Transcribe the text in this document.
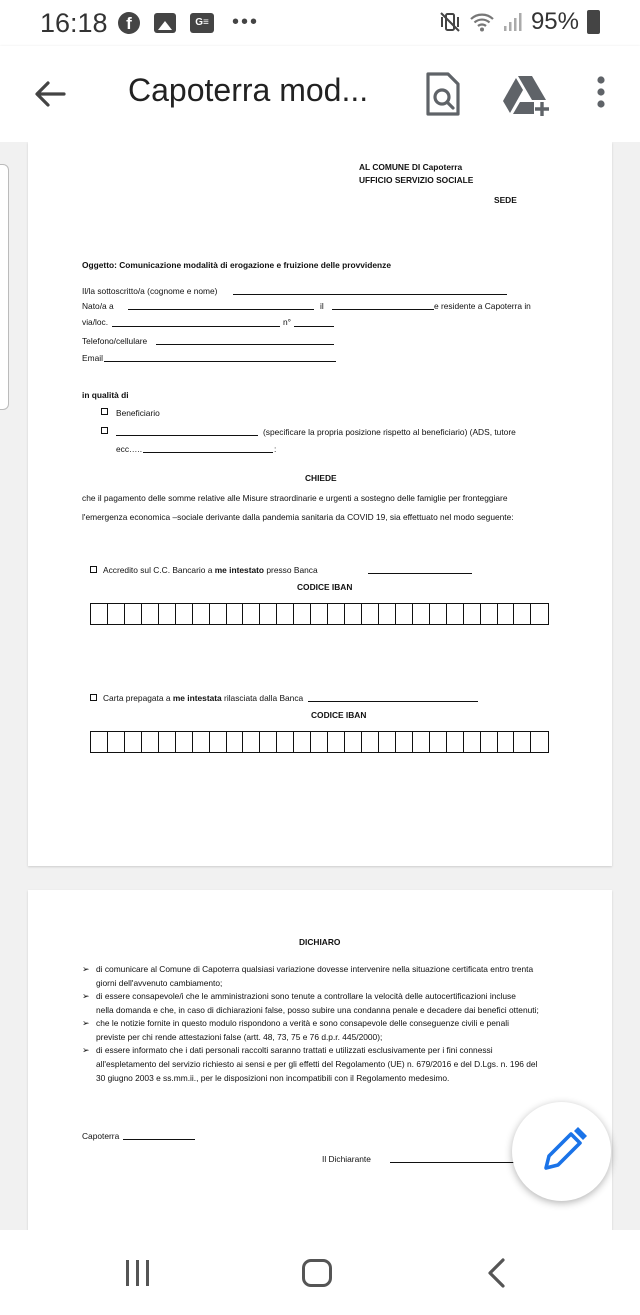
16:18	f	G≡ •••	95%
Capoterra mod...
AL COMUNE DI Capoterra
UFFICIO SERVIZIO SOCIALE
SEDE
Oggetto: Comunicazione modalità di erogazione e fruizione delle provvidenze
Il/la sottoscritto/a (cognome e nome)
Nato/a a	il	e residente a Capoterra in
via/loc.	n°
Telefono/cellulare
Email
in qualità di
Beneficiario
(specificare la propria posizione rispetto al beneficiario) (ADS, tutore
ecc…..	:
CHIEDE
che il pagamento delle somme relative alle Misure straordinarie e urgenti a sostegno delle famiglie per fronteggiare
l'emergenza economica –sociale derivante dalla pandemia sanitaria da COVID 19, sia effettuato nel modo seguente:
Accredito sul C.C. Bancario a me intestato presso Banca
CODICE IBAN
Carta prepagata a me intestata rilasciata dalla Banca
CODICE IBAN
DICHIARO
➢ di comunicare al Comune di Capoterra qualsiasi variazione dovesse intervenire nella situazione certificata entro trenta
giorni dell'avvenuto cambiamento;
➢ di essere consapevole/i che le amministrazioni sono tenute a controllare la velocità delle autocertificazioni incluse
nella domanda e che, in caso di dichiarazioni false, posso subire una condanna penale e decadere dai benefici ottenuti;
➢ che le notizie fornite in questo modulo rispondono a verità e sono consapevole delle conseguenze civili e penali
previste per chi rende attestazioni false (artt. 48, 73, 75 e 76 d.p.r. 445/2000);
➢ di essere informato che i dati personali raccolti saranno trattati e utilizzati esclusivamente per i fini connessi
all'espletamento del servizio richiesto ai sensi e per gli effetti del Regolamento (UE) n. 679/2016 e del D.Lgs. n. 196 del
30 giugno 2003 e ss.mm.ii., per le disposizioni non incompatibili con il Regolamento medesimo.
Capoterra
Il Dichiarante
